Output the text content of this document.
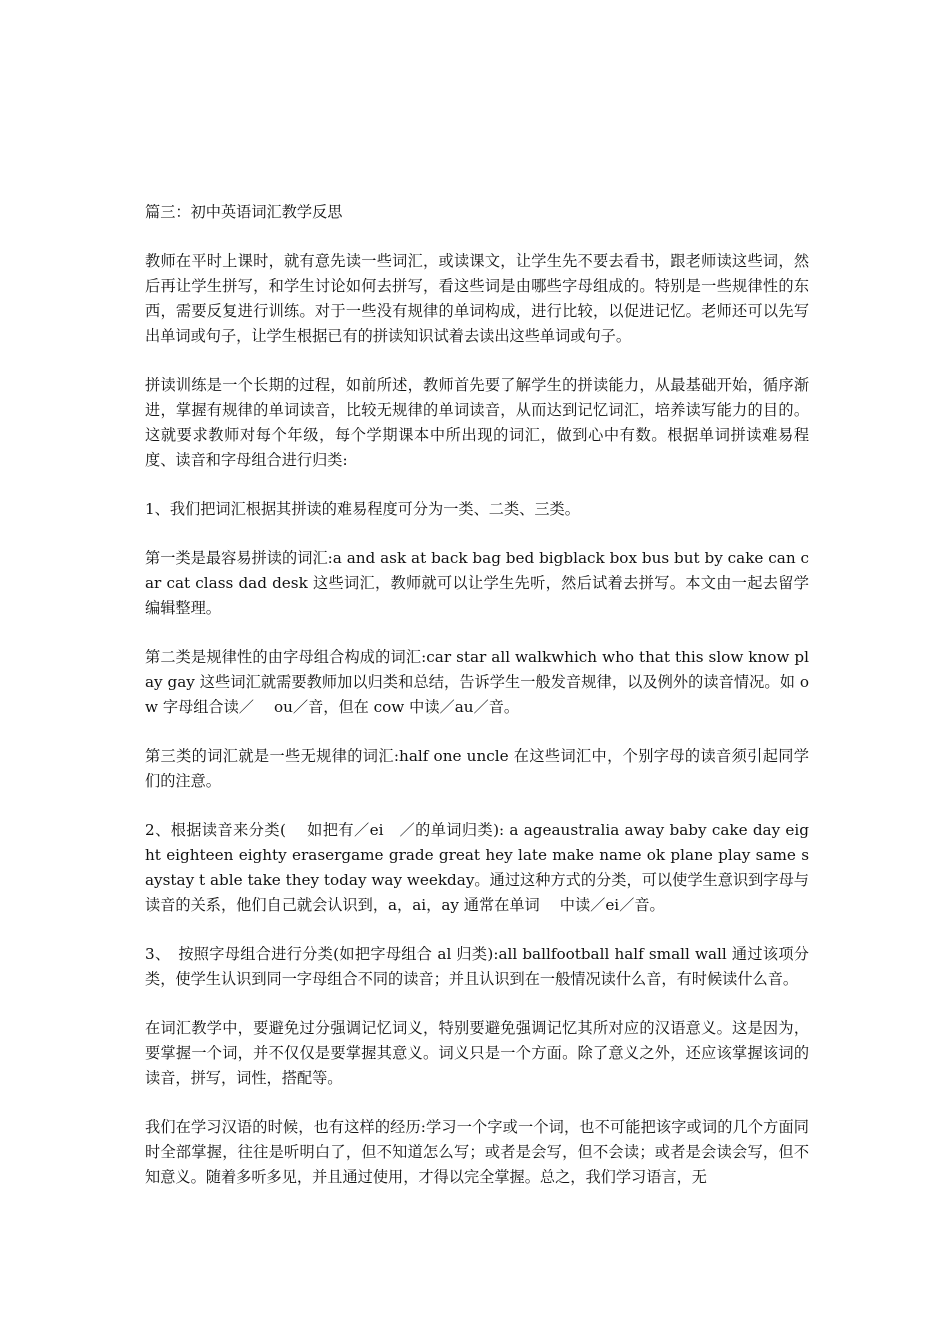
篇三：初中英语词汇教学反思

教师在平时上课时，就有意先读一些词汇，或读课文，让学生先不要去看书，跟老师读这些词，然后再让学生拼写，和学生讨论如何去拼写，看这些词是由哪些字母组成的。特别是一些规律性的东西，需要反复进行训练。对于一些没有规律的单词构成，进行比较，以促进记忆。老师还可以先写出单词或句子，让学生根据已有的拼读知识试着去读出这些单词或句子。

拼读训练是一个长期的过程，如前所述，教师首先要了解学生的拼读能力，从最基础开始，循序渐进，掌握有规律的单词读音，比较无规律的单词读音，从而达到记忆词汇，培养读写能力的目的。这就要求教师对每个年级，每个学期课本中所出现的词汇，做到心中有数。根据单词拼读难易程度、读音和字母组合进行归类:

1、我们把词汇根据其拼读的难易程度可分为一类、二类、三类。

第一类是最容易拼读的词汇:a and ask at back bag bed bigblack box bus but by cake can car cat class dad desk 这些词汇，教师就可以让学生先听，然后试着去拼写。本文由一起去留学编辑整理。

第二类是规律性的由字母组合构成的词汇:car star all walkwhich who that this slow know play gay 这些词汇就需要教师加以归类和总结，告诉学生一般发音规律，以及例外的读音情况。如 ow 字母组合读／　 ou／音，但在 cow 中读／au／音。

第三类的词汇就是一些无规律的词汇:half one uncle 在这些词汇中，个别字母的读音须引起同学们的注意。

2、根据读音来分类(　 如把有／ei　／的单词归类): a ageaustralia away baby cake day eig ht eighteen eighty erasergame grade great hey late make name ok plane play same saystay t able take they today way weekday。通过这种方式的分类，可以使学生意识到字母与读音的关系，他们自己就会认识到，a，ai，ay 通常在单词　 中读／ei／音。

3、　按照字母组合进行分类(如把字母组合 al 归类):all ballfootball half small wall 通过该项分类，使学生认识到同一字母组合不同的读音；并且认识到在一般情况读什么音，有时候读什么音。

在词汇教学中，要避免过分强调记忆词义，特别要避免强调记忆其所对应的汉语意义。这是因为，要掌握一个词，并不仅仅是要掌握其意义。词义只是一个方面。除了意义之外，还应该掌握该词的读音，拼写，词性，搭配等。

我们在学习汉语的时候，也有这样的经历:学习一个字或一个词，也不可能把该字或词的几个方面同时全部掌握，往往是听明白了，但不知道怎么写；或者是会写，但不会读；或者是会读会写，但不知意义。随着多听多见，并且通过使用，才得以完全掌握。总之，我们学习语言，无
